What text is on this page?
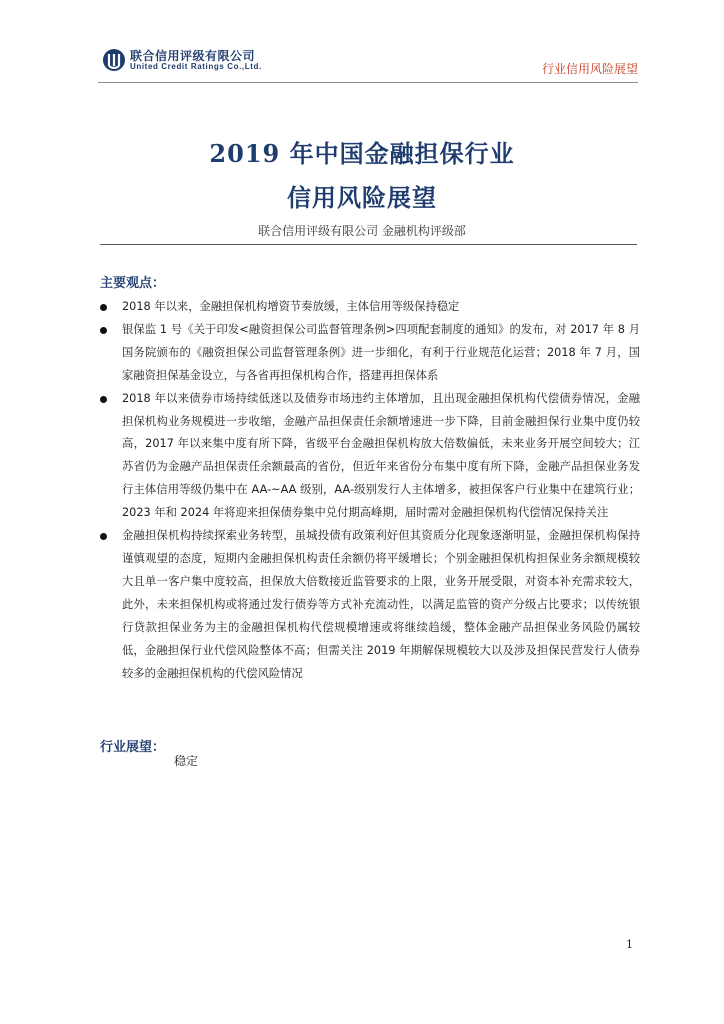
联合信用评级有限公司
United Credit Ratings Co.,Ltd.	行业信用风险展望
2019 年中国金融担保行业
信用风险展望
联合信用评级有限公司 金融机构评级部
主要观点：
2018 年以来，金融担保机构增资节奏放缓，主体信用等级保持稳定
银保监 1 号《关于印发<融资担保公司监督管理条例>四项配套制度的通知》的发布，对 2017 年 8 月国务院颁布的《融资担保公司监督管理条例》进一步细化，有利于行业规范化运营；2018 年 7 月，国家融资担保基金设立，与各省再担保机构合作，搭建再担保体系
2018 年以来债券市场持续低迷以及债券市场违约主体增加，且出现金融担保机构代偿债券情况，金融担保机构业务规模进一步收缩，金融产品担保责任余额增速进一步下降，目前金融担保行业集中度仍较高，2017 年以来集中度有所下降，省级平台金融担保机构放大倍数偏低，未来业务开展空间较大；江苏省仍为金融产品担保责任余额最高的省份，但近年来省份分布集中度有所下降，金融产品担保业务发行主体信用等级仍集中在 AA-~AA 级别，AA-级别发行人主体增多，被担保客户行业集中在建筑行业；2023 年和 2024 年将迎来担保债券集中兑付期高峰期，届时需对金融担保机构代偿情况保持关注
金融担保机构持续探索业务转型，虽城投债有政策利好但其资质分化现象逐渐明显，金融担保机构保持谨慎观望的态度，短期内金融担保机构责任余额仍将平缓增长；个别金融担保机构担保业务余额规模较大且单一客户集中度较高，担保放大倍数接近监管要求的上限，业务开展受限，对资本补充需求较大，此外，未来担保机构或将通过发行债券等方式补充流动性，以满足监管的资产分级占比要求；以传统银行贷款担保业务为主的金融担保机构代偿规模增速或将继续趋缓，整体金融产品担保业务风险仍属较低，金融担保行业代偿风险整体不高；但需关注 2019 年期解保规模较大以及涉及担保民营发行人债券较多的金融担保机构的代偿风险情况
行业展望：
稳定
1
